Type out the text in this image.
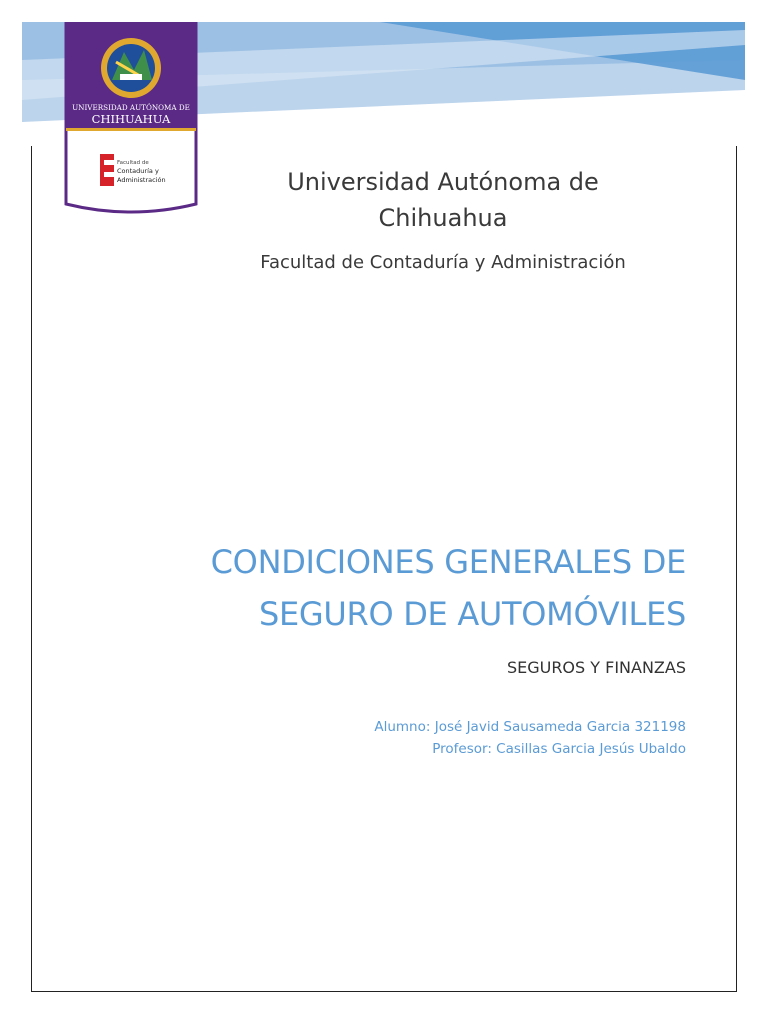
UNIVERSIDAD AUTÓNOMA DE
CHIHUAHUA
Facultad de
Contaduría y
Administración	Universidad Autónoma de
Chihuahua
Facultad de Contaduría y Administración
CONDICIONES GENERALES DE
SEGURO DE AUTOMÓVILES
SEGUROS Y FINANZAS
Alumno: José Javid Sausameda Garcia 321198
Profesor: Casillas Garcia Jesús Ubaldo
